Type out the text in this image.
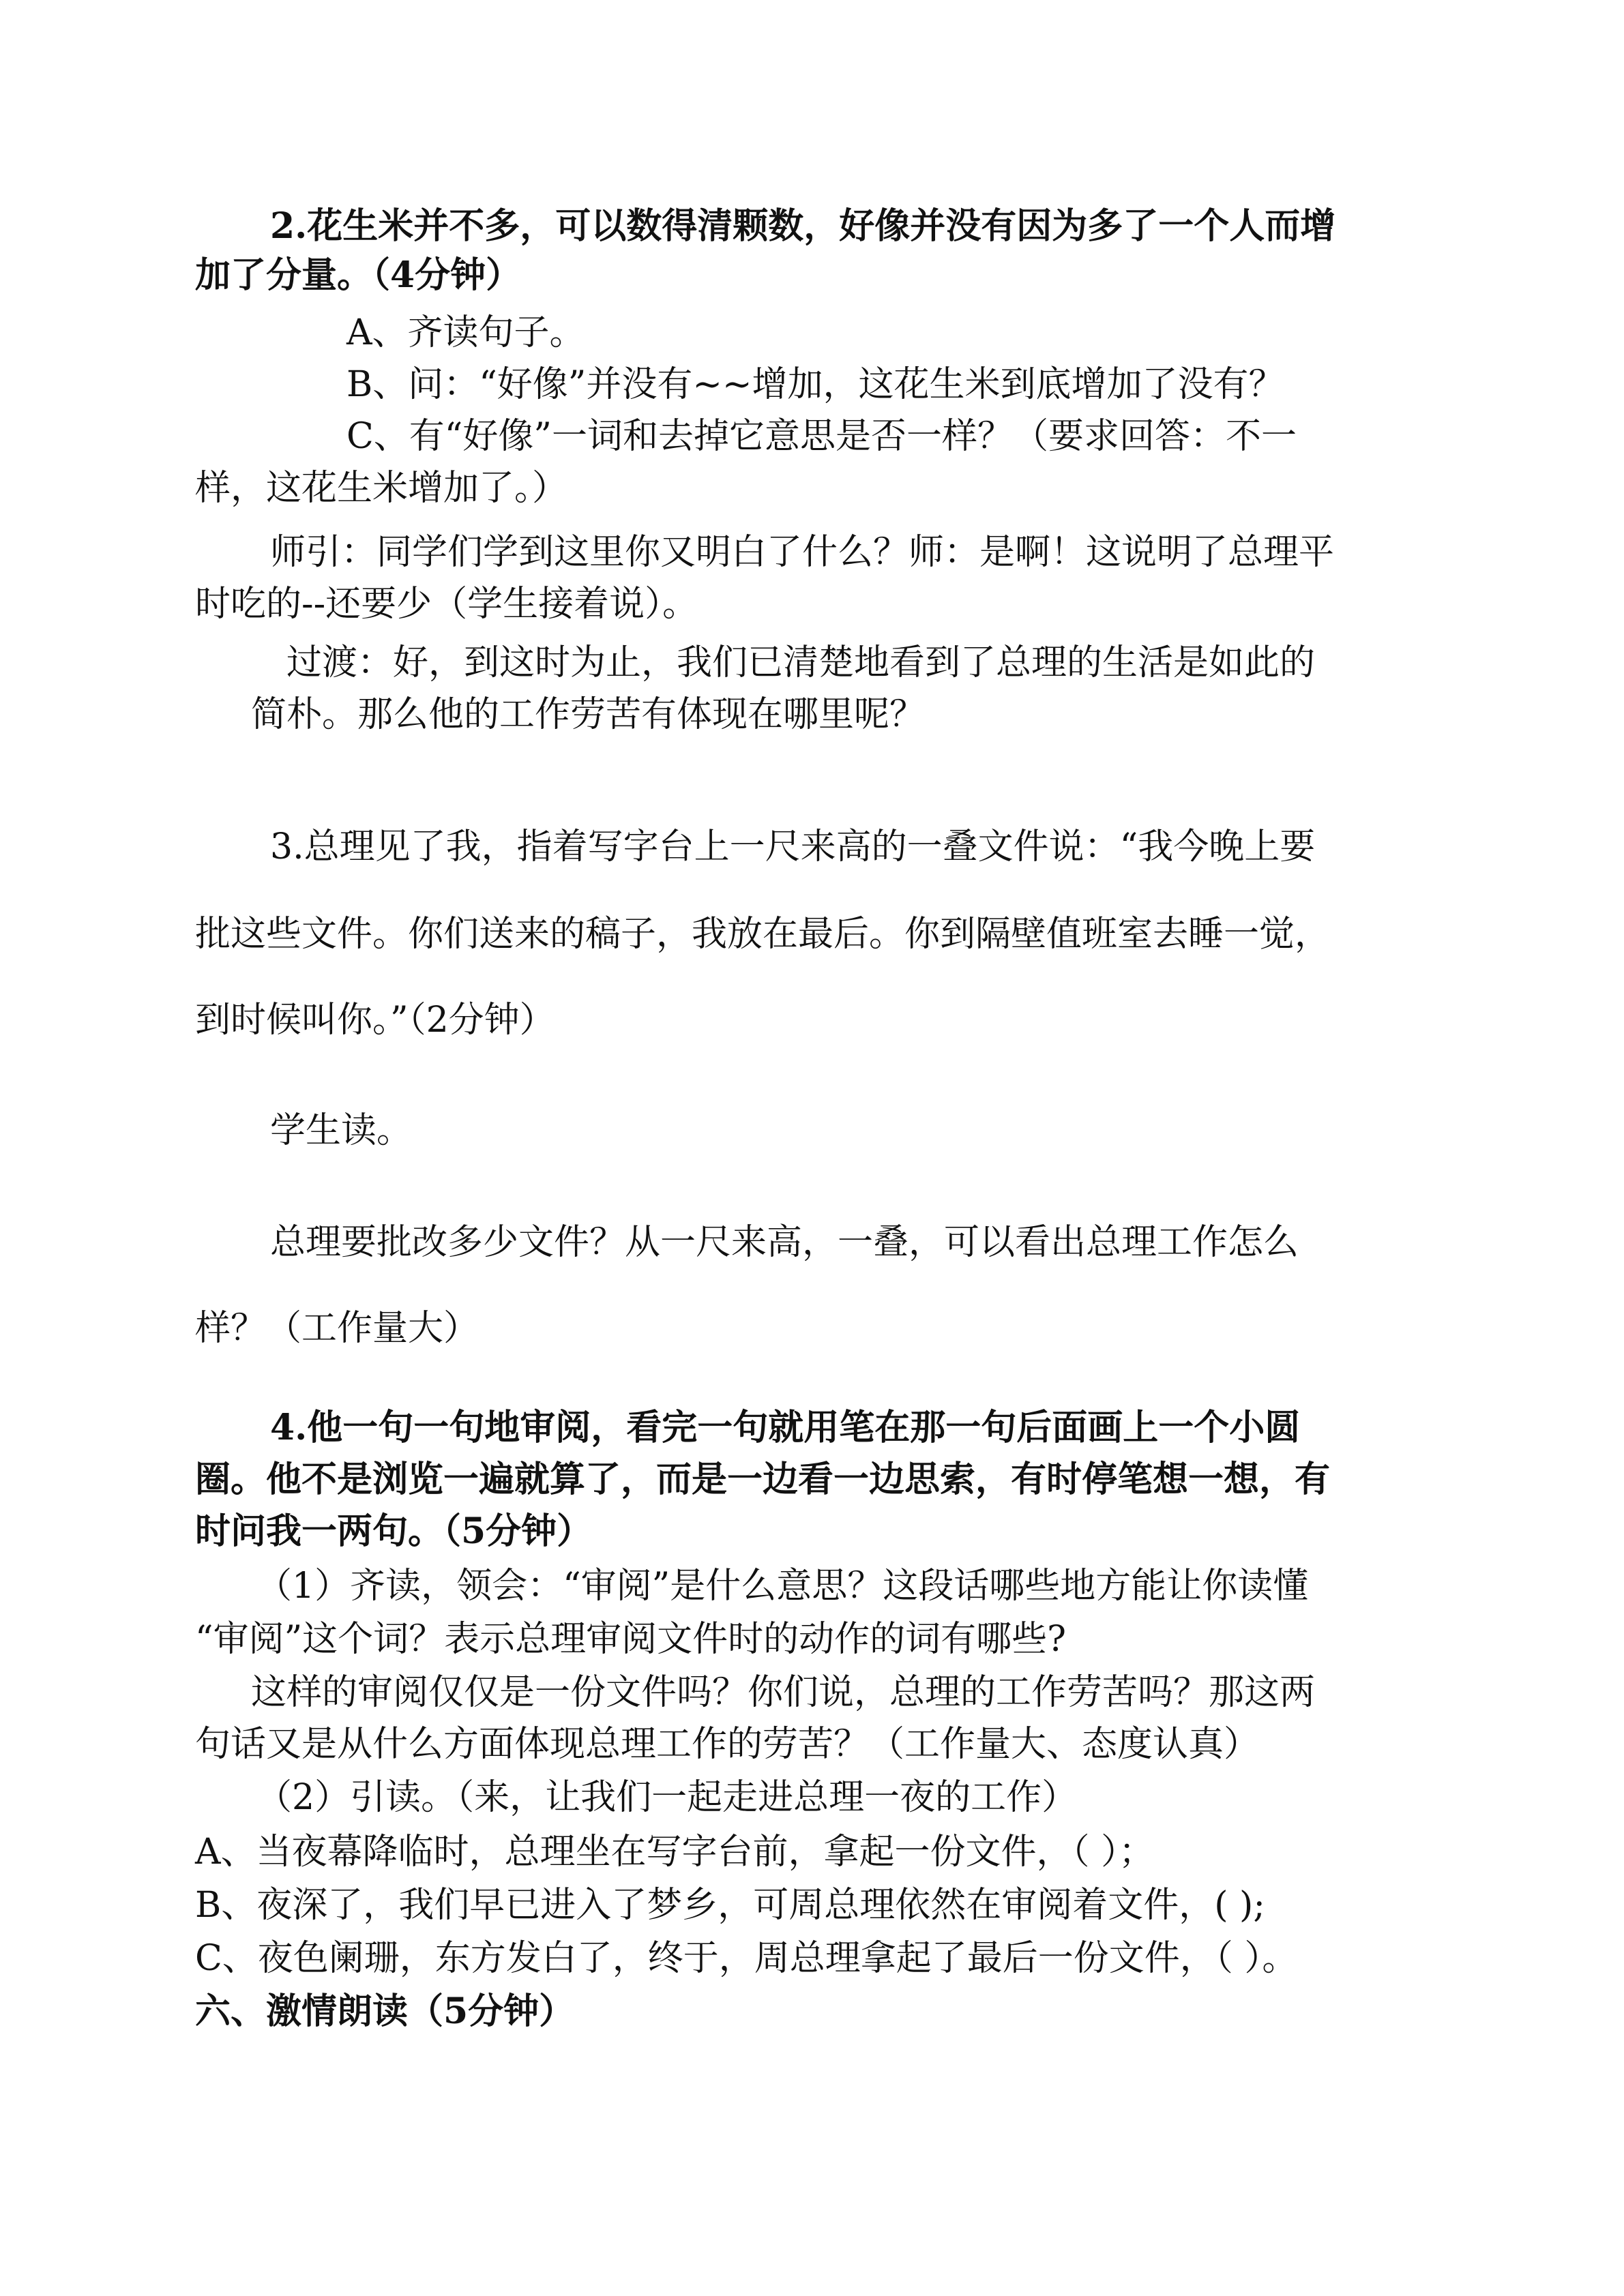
2.花生米并不多，可以数得清颗数，好像并没有因为多了一个人而增
加了分量。（4分钟）
A、齐读句子。
B、问：“好像”并没有~~增加，这花生米到底增加了没有？
C、有“好像”一词和去掉它意思是否一样？（要求回答：不一
样，这花生米增加了。）
师引：同学们学到这里你又明白了什么？师：是啊！这说明了总理平
时吃的--还要少（学生接着说）。
过渡：好，到这时为止，我们已清楚地看到了总理的生活是如此的
简朴。那么他的工作劳苦有体现在哪里呢？
3.总理见了我，指着写字台上一尺来高的一叠文件说：“我今晚上要
批这些文件。你们送来的稿子，我放在最后。你到隔壁值班室去睡一觉，
到时候叫你。”（2分钟）
学生读。
总理要批改多少文件？从一尺来高，一叠，可以看出总理工作怎么
样？（工作量大）
4.他一句一句地审阅，看完一句就用笔在那一句后面画上一个小圆
圈。他不是浏览一遍就算了，而是一边看一边思索，有时停笔想一想，有
时问我一两句。（5分钟）
（1）齐读，领会：“审阅”是什么意思？这段话哪些地方能让你读懂
“审阅”这个词？表示总理审阅文件时的动作的词有哪些?
这样的审阅仅仅是一份文件吗？你们说，总理的工作劳苦吗？那这两
句话又是从什么方面体现总理工作的劳苦？（工作量大、态度认真）
（2）引读。（来，让我们一起走进总理一夜的工作）
A、当夜幕降临时，总理坐在写字台前，拿起一份文件，（ ）；
B、夜深了，我们早已进入了梦乡，可周总理依然在审阅着文件，( );
C、夜色阑珊，东方发白了，终于，周总理拿起了最后一份文件，（ ）。
六、激情朗读（5分钟）
